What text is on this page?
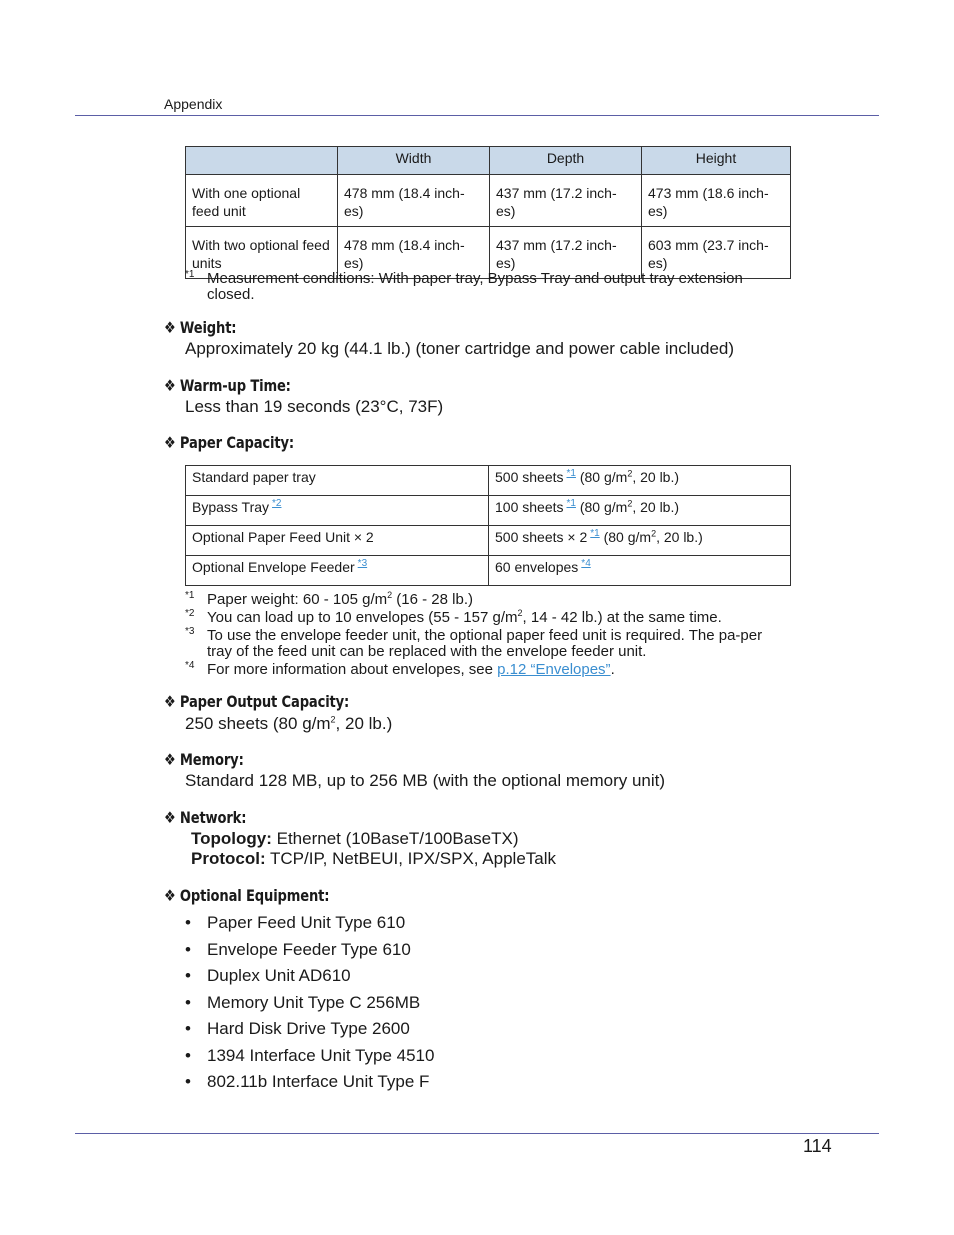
Appendix
	Width	Depth	Height
With one optional feed unit	478 mm (18.4 inch-es)	437 mm (17.2 inch-es)	473 mm (18.6 inch-es)
With two optional feed units	478 mm (18.4 inch-es)	437 mm (17.2 inch-es)	603 mm (23.7 inch-es)
*1 Measurement conditions: With paper tray, Bypass Tray and output tray extension closed.
❖ Weight:
Approximately 20 kg (44.1 lb.) (toner cartridge and power cable included)
❖ Warm-up Time:
Less than 19 seconds (23°C, 73F)
❖ Paper Capacity:
Standard paper tray	500 sheets $^{*1}$ (80 $g/m^2$, 20 lb.)
Bypass Tray $^{*2}$	100 sheets $^{*1}$ (80 $g/m^2$, 20 lb.)
Optional Paper Feed Unit × 2	500 sheets × 2 $^{*1}$ (80 $g/m^2$, 20 lb.)
Optional Envelope Feeder $^{*3}$	60 envelopes $^{*4}$
*1 Paper weight: 60 - 105 $g/m^2$ (16 - 28 lb.)
*2 You can load up to 10 envelopes (55 - 157 $g/m^2$, 14 - 42 lb.) at the same time.
*3 To use the envelope feeder unit, the optional paper feed unit is required. The pa-per tray of the feed unit can be replaced with the envelope feeder unit.
*4 For more information about envelopes, see p.12 “Envelopes”.
❖ Paper Output Capacity:
250 sheets (80 $g/m^2$, 20 lb.)
❖ Memory:
Standard 128 MB, up to 256 MB (with the optional memory unit)
❖ Network:
Topology: Ethernet (10BaseT/100BaseTX)
Protocol: TCP/IP, NetBEUI, IPX/SPX, AppleTalk
❖ Optional Equipment:
• Paper Feed Unit Type 610
• Envelope Feeder Type 610
• Duplex Unit AD610
• Memory Unit Type C 256MB
• Hard Disk Drive Type 2600
• 1394 Interface Unit Type 4510
• 802.11b Interface Unit Type F
114
